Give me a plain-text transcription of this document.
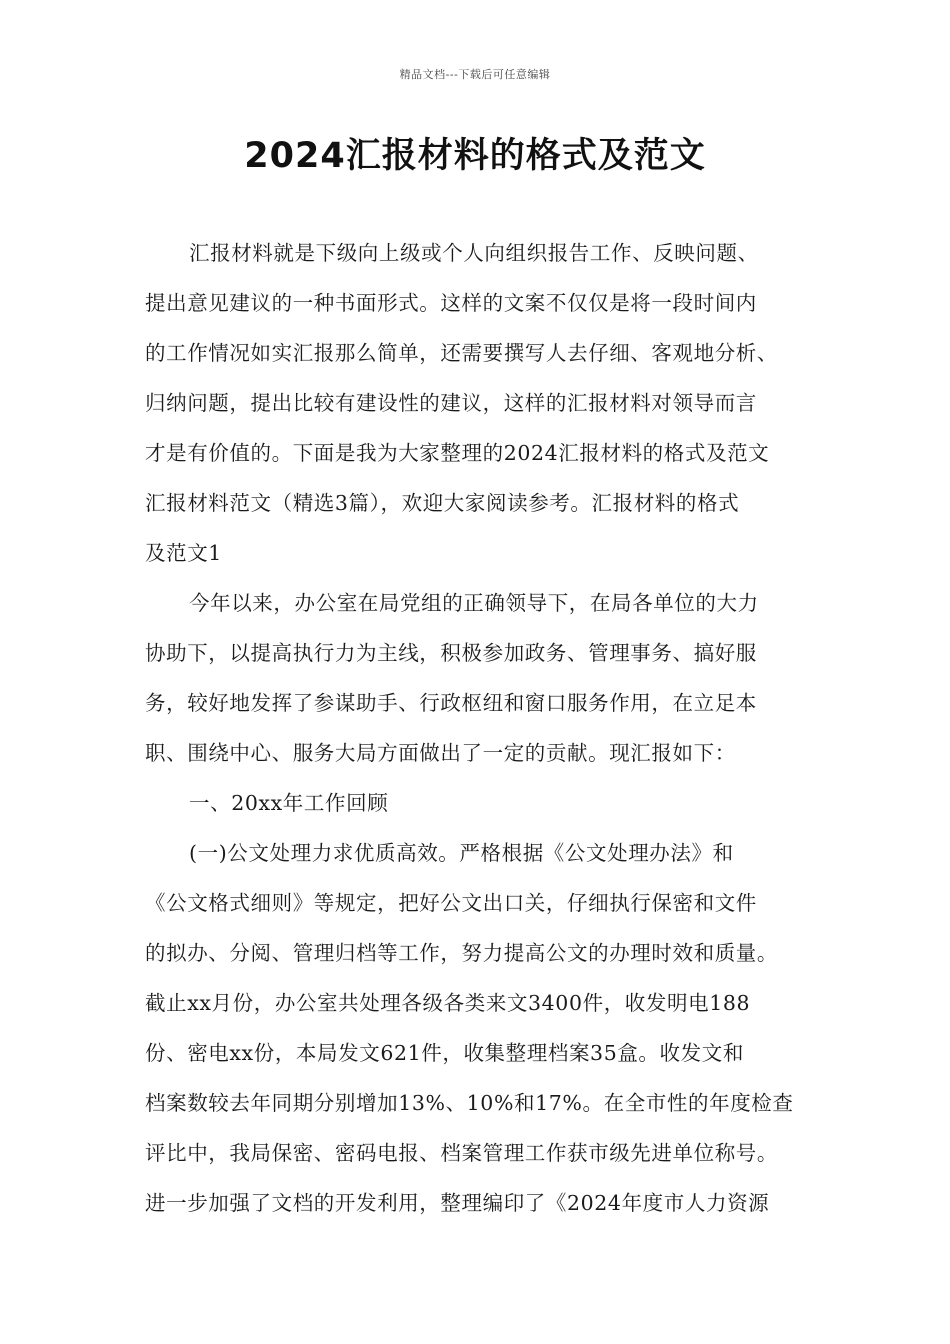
精品文档---下载后可任意编辑
2024汇报材料的格式及范文
汇报材料就是下级向上级或个人向组织报告工作、反映问题、
提出意见建议的一种书面形式。这样的文案不仅仅是将一段时间内
的工作情况如实汇报那么简单，还需要撰写人去仔细、客观地分析、
归纳问题，提出比较有建设性的建议，这样的汇报材料对领导而言
才是有价值的。下面是我为大家整理的2024汇报材料的格式及范文
汇报材料范文（精选3篇），欢迎大家阅读参考。汇报材料的格式
及范文1
今年以来，办公室在局党组的正确领导下，在局各单位的大力
协助下，以提高执行力为主线，积极参加政务、管理事务、搞好服
务，较好地发挥了参谋助手、行政枢纽和窗口服务作用，在立足本
职、围绕中心、服务大局方面做出了一定的贡献。现汇报如下：
一、20xx年工作回顾
(一)公文处理力求优质高效。严格根据《公文处理办法》和
《公文格式细则》等规定，把好公文出口关，仔细执行保密和文件
的拟办、分阅、管理归档等工作，努力提高公文的办理时效和质量。
截止xx月份，办公室共处理各级各类来文3400件，收发明电188
份、密电xx份，本局发文621件，收集整理档案35盒。收发文和
档案数较去年同期分别增加13%、10%和17%。在全市性的年度检查
评比中，我局保密、密码电报、档案管理工作获市级先进单位称号。
进一步加强了文档的开发利用，整理编印了《2024年度市人力资源
